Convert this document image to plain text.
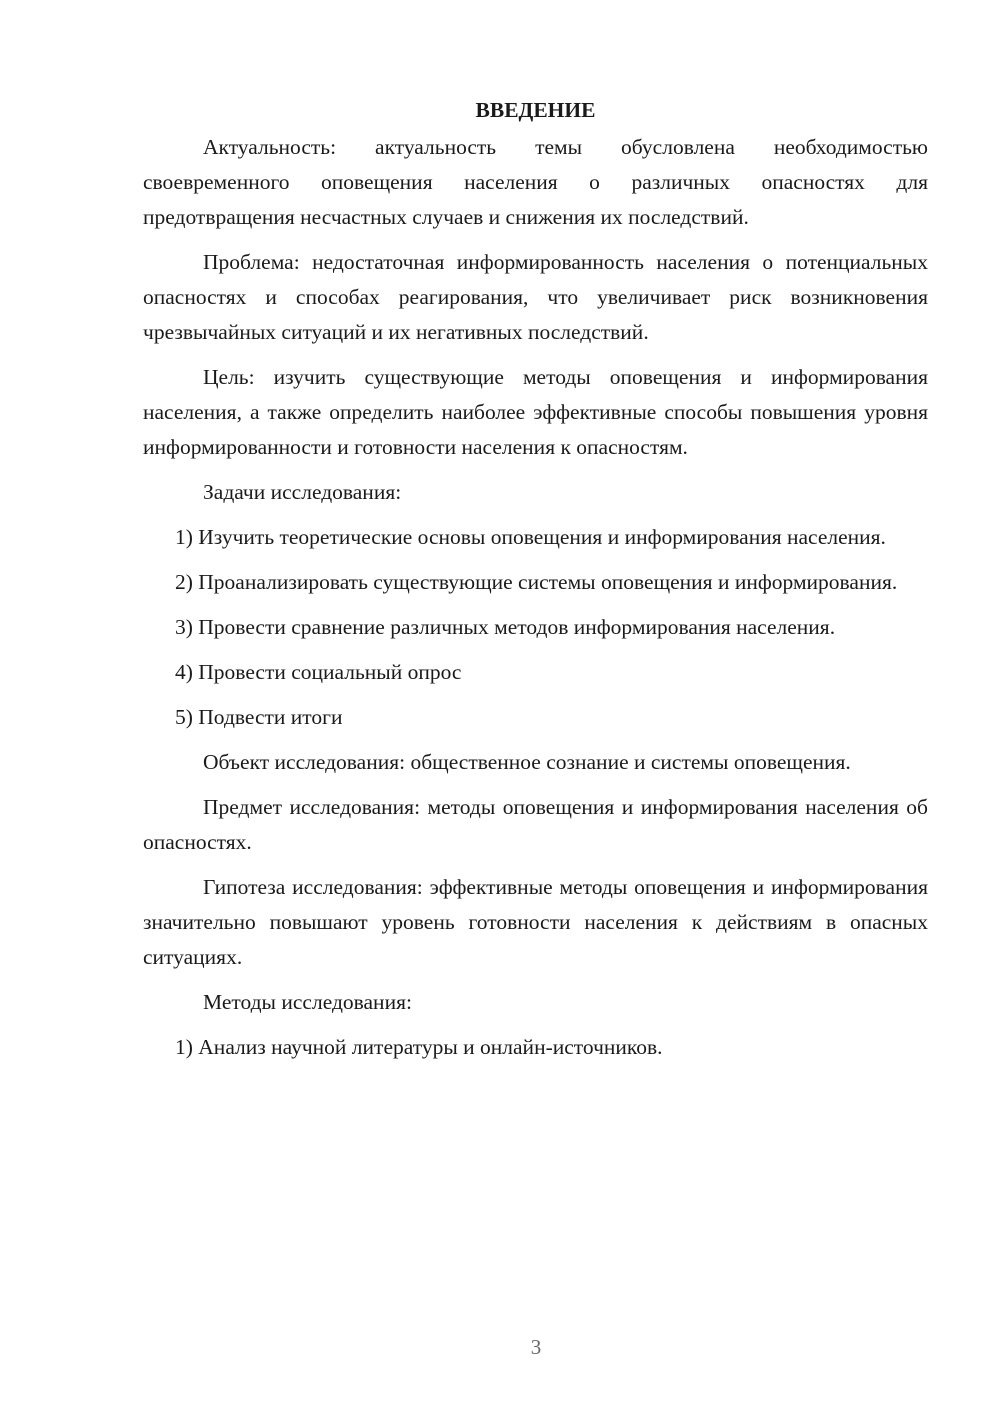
ВВЕДЕНИЕ

Актуальность: актуальность темы обусловлена необходимостью своевременного оповещения населения о различных опасностях для предотвращения несчастных случаев и снижения их последствий.

Проблема: недостаточная информированность населения о потенциальных опасностях и способах реагирования, что увеличивает риск возникновения чрезвычайных ситуаций и их негативных последствий.

Цель: изучить существующие методы оповещения и информирования населения, а также определить наиболее эффективные способы повышения уровня информированности и готовности населения к опасностям.

Задачи исследования:

1) Изучить теоретические основы оповещения и информирования населения.

2) Проанализировать существующие системы оповещения и информирования.

3) Провести сравнение различных методов информирования населения.

4) Провести социальный опрос

5) Подвести итоги

Объект исследования: общественное сознание и системы оповещения.

Предмет исследования: методы оповещения и информирования населения об опасностях.

Гипотеза исследования: эффективные методы оповещения и информирования значительно повышают уровень готовности населения к действиям в опасных ситуациях.

Методы исследования:

1) Анализ научной литературы и онлайн-источников.

3
